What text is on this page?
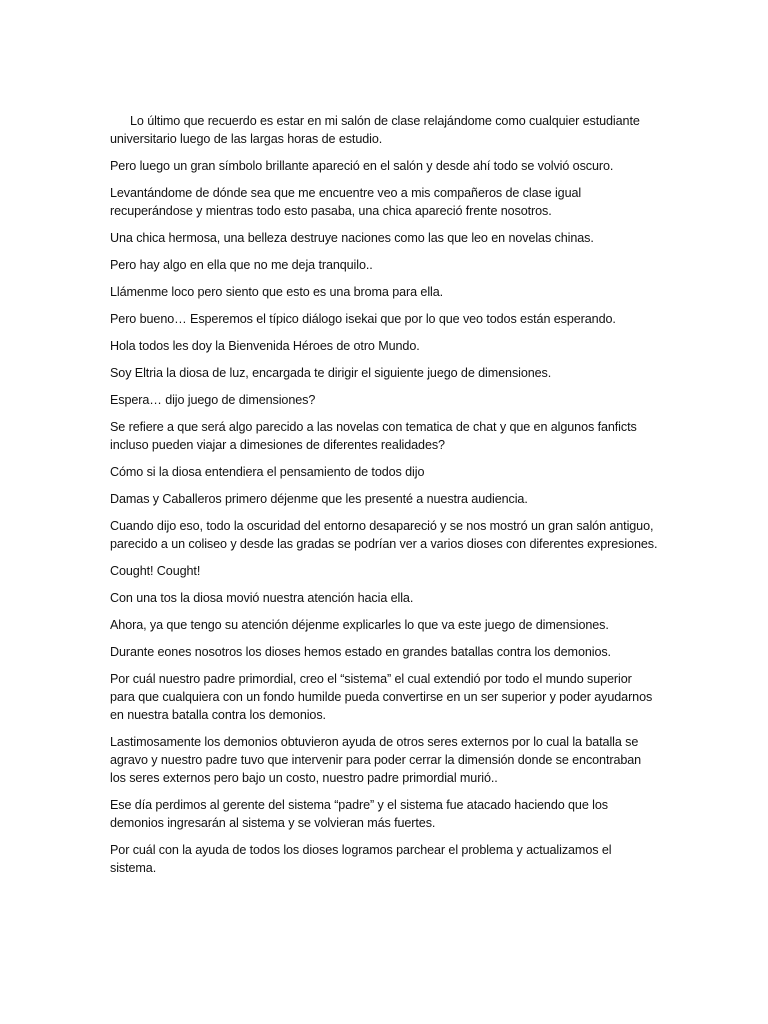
Lo último que recuerdo es estar en mi salón de clase relajándome como cualquier estudiante universitario luego de las largas horas de estudio.

Pero luego un gran símbolo brillante apareció en el salón y desde ahí todo se volvió oscuro.

Levantándome de dónde sea que me encuentre veo a mis compañeros de clase igual recuperándose y mientras todo esto pasaba, una chica apareció frente nosotros.

Una chica hermosa, una belleza destruye naciones como las que leo en novelas chinas.

Pero hay algo en ella que no me deja tranquilo..

Llámenme loco pero siento que esto es una broma para ella.

Pero bueno… Esperemos el típico diálogo isekai que por lo que veo todos están esperando.

Hola todos les doy la Bienvenida Héroes de otro Mundo.

Soy Eltria la diosa de luz, encargada te dirigir el siguiente juego de dimensiones.

Espera… dijo juego de dimensiones?

Se refiere a que será algo parecido a las novelas con tematica de chat y que en algunos fanficts incluso pueden viajar a dimesiones de diferentes realidades?

Cómo si la diosa entendiera el pensamiento de todos dijo

Damas y Caballeros primero déjenme que les presenté a nuestra audiencia.

Cuando dijo eso, todo la oscuridad del entorno desapareció y se nos mostró un gran salón antiguo, parecido a un coliseo y desde las gradas se podrían ver a varios dioses con diferentes expresiones.

Cought! Cought!

Con una tos la diosa movió nuestra atención hacia ella.

Ahora, ya que tengo su atención déjenme explicarles lo que va este juego de dimensiones.

Durante eones nosotros los dioses hemos estado en grandes batallas contra los demonios.

Por cuál nuestro padre primordial, creo el “sistema” el cual extendió por todo el mundo superior para que cualquiera con un fondo humilde pueda convertirse en un ser superior y poder ayudarnos en nuestra batalla contra los demonios.

Lastimosamente los demonios obtuvieron ayuda de otros seres externos por lo cual la batalla se agravo y nuestro padre tuvo que intervenir para poder cerrar la dimensión donde se encontraban los seres externos pero bajo un costo, nuestro padre primordial murió..

Ese día perdimos al gerente del sistema “padre” y el sistema fue atacado haciendo que los demonios ingresarán al sistema y se volvieran más fuertes.

Por cuál con la ayuda de todos los dioses logramos parchear el problema y actualizamos el sistema.
